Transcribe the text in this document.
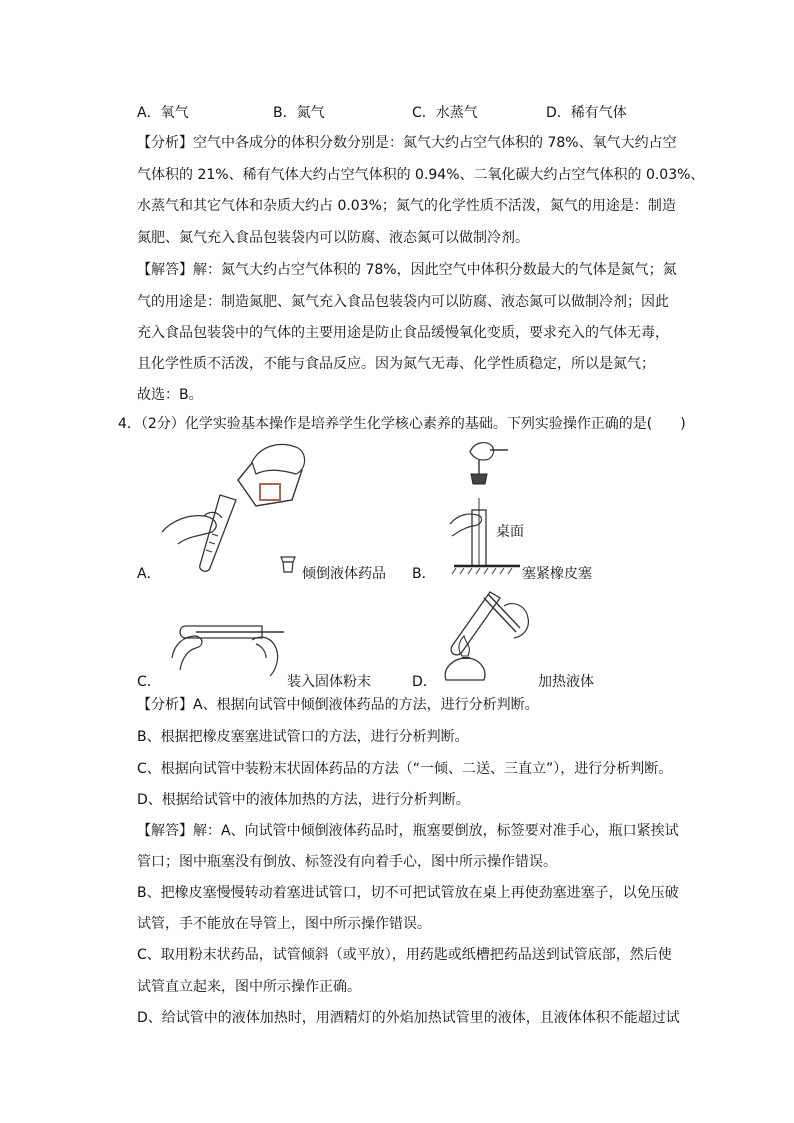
A．氧气	B．氮气	C．水蒸气	D．稀有气体
【分析】空气中各成分的体积分数分别是：氮气大约占空气体积的 78%、氧气大约占空
气体积的 21%、稀有气体大约占空气体积的 0.94%、二氧化碳大约占空气体积的 0.03%、
水蒸气和其它气体和杂质大约占 0.03%；氮气的化学性质不活泼，氮气的用途是：制造
氮肥、氮气充入食品包装袋内可以防腐、液态氮可以做制冷剂。
【解答】解：氮气大约占空气体积的 78%，因此空气中体积分数最大的气体是氮气；氮
气的用途是：制造氮肥、氮气充入食品包装袋内可以防腐、液态氮可以做制冷剂；因此
充入食品包装袋中的气体的主要用途是防止食品缓慢氧化变质，要求充入的气体无毒，
且化学性质不活泼，不能与食品反应。因为氮气无毒、化学性质稳定，所以是氮气；
故选：B。
4．（2分）化学实验基本操作是培养学生化学核心素养的基础。下列实验操作正确的是(　　)
A．	倾倒液体药品
桌面
B．	塞紧橡皮塞
C．	装入固体粉末	D．	加热液体
【分析】A、根据向试管中倾倒液体药品的方法，进行分析判断。
B、根据把橡皮塞塞进试管口的方法，进行分析判断。
C、根据向试管中装粉末状固体药品的方法（“一倾、二送、三直立”），进行分析判断。
D、根据给试管中的液体加热的方法，进行分析判断。
【解答】解：A、向试管中倾倒液体药品时，瓶塞要倒放，标签要对准手心，瓶口紧挨试
管口；图中瓶塞没有倒放、标签没有向着手心，图中所示操作错误。
B、把橡皮塞慢慢转动着塞进试管口，切不可把试管放在桌上再使劲塞进塞子，以免压破
试管，手不能放在导管上，图中所示操作错误。
C、取用粉末状药品，试管倾斜（或平放），用药匙或纸槽把药品送到试管底部，然后使
试管直立起来，图中所示操作正确。
D、给试管中的液体加热时，用酒精灯的外焰加热试管里的液体，且液体体积不能超过试
